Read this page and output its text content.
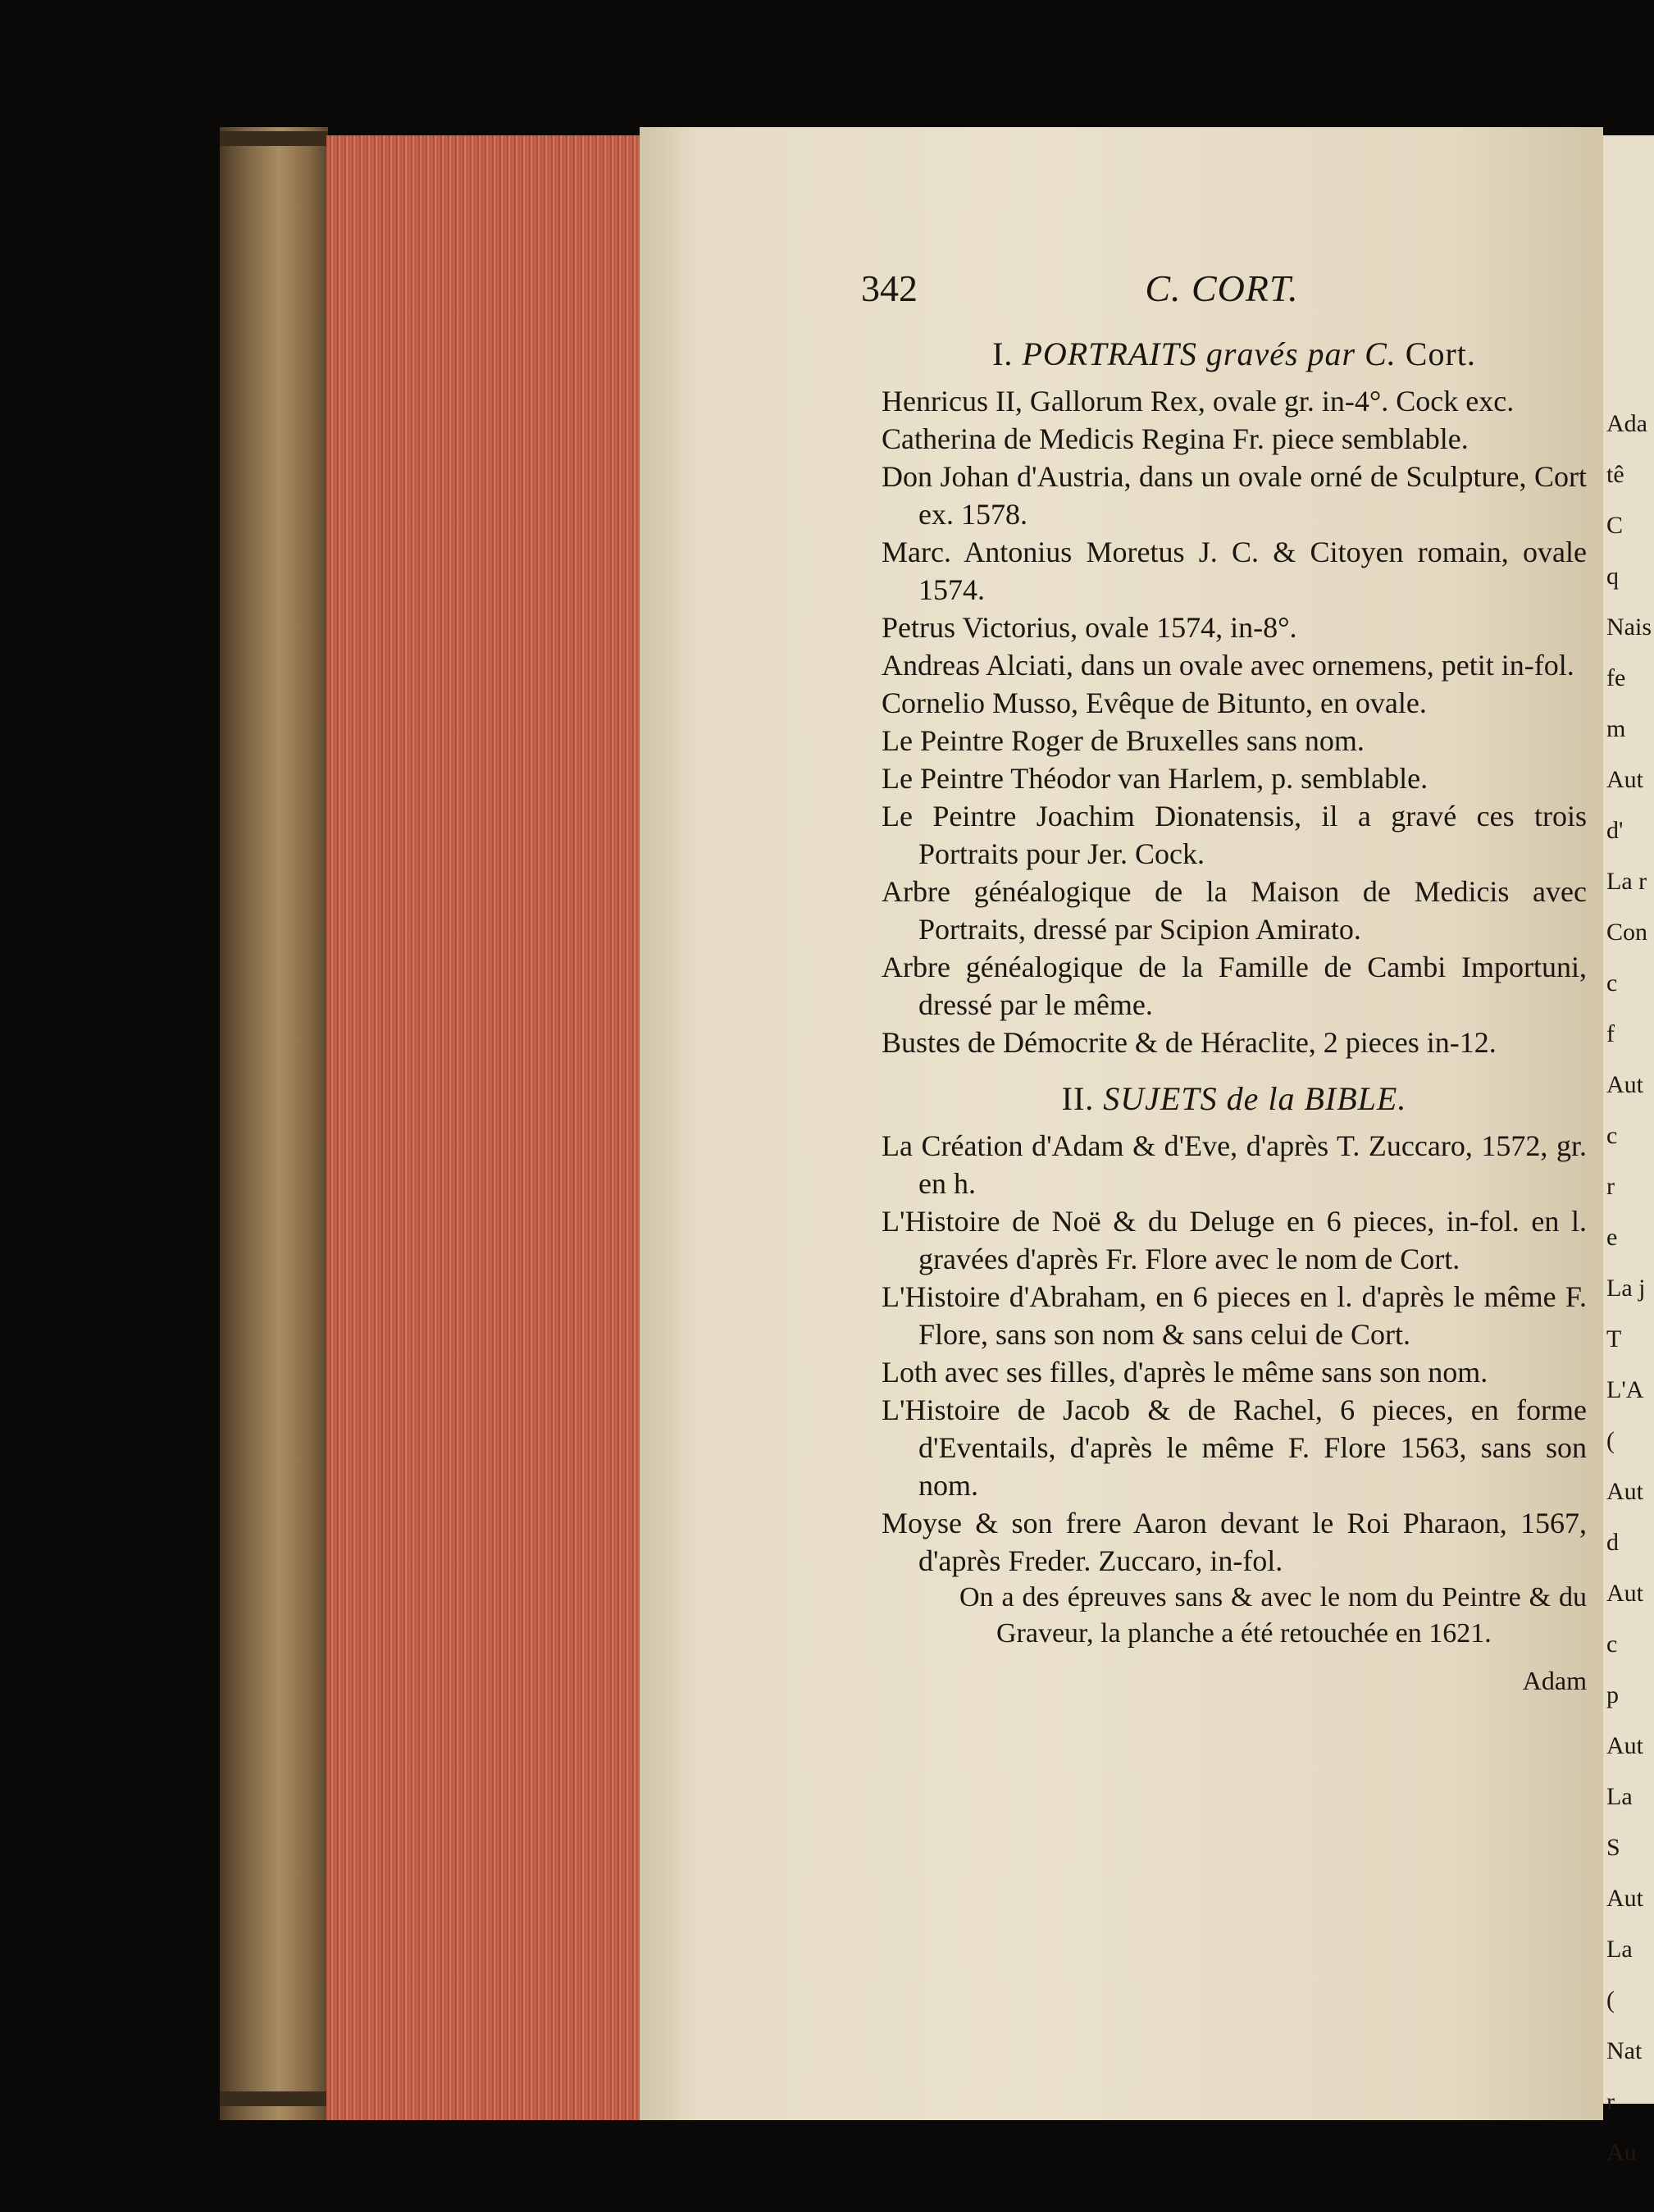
342	C. CORT.
I. PORTRAITS gravés par C. Cort.
Henricus II, Gallorum Rex, ovale gr. in-4°. Cock exc.
Catherina de Medicis Regina Fr. piece semblable.
Don Johan d'Austria, dans un ovale orné de Sculpture, Cort ex. 1578.
Marc. Antonius Moretus J. C. & Citoyen romain, ovale 1574.
Petrus Victorius, ovale 1574, in-8°.
Andreas Alciati, dans un ovale avec ornemens, petit in-fol.
Cornelio Musso, Evêque de Bitunto, en ovale.
Le Peintre Roger de Bruxelles sans nom.
Le Peintre Théodor van Harlem, p. semblable.
Le Peintre Joachim Dionatensis, il a gravé ces trois Portraits pour Jer. Cock.
Arbre généalogique de la Maison de Medicis avec Portraits, dressé par Scipion Amirato.
Arbre généalogique de la Famille de Cambi Importuni, dressé par le même.
Bustes de Démocrite & de Héraclite, 2 pieces in-12.
II. SUJETS de la BIBLE.
La Création d'Adam & d'Eve, d'après T. Zuccaro, 1572, gr. en h.
L'Histoire de Noë & du Deluge en 6 pieces, in-fol. en l. gravées d'après Fr. Flore avec le nom de Cort.
L'Histoire d'Abraham, en 6 pieces en l. d'après le même F. Flore, sans son nom & sans celui de Cort.
Loth avec ses filles, d'après le même sans son nom.
L'Histoire de Jacob & de Rachel, 6 pieces, en forme d'Eventails, d'après le même F. Flore 1563, sans son nom.
Moyse & son frere Aaron devant le Roi Pharaon, 1567, d'après Freder. Zuccaro, in-fol.
On a des épreuves sans & avec le nom du Peintre & du Graveur, la planche a été retouchée en 1621.
Adam
Ada
tê
C
q
Nais
fe
m
Aut
d'
La r
Con
c
f
Aut
c
r
e
La j
T
L'A
(
Aut
d
Aut
c
p
Aut
La
S
Aut
La
(
Nat
r
Au
